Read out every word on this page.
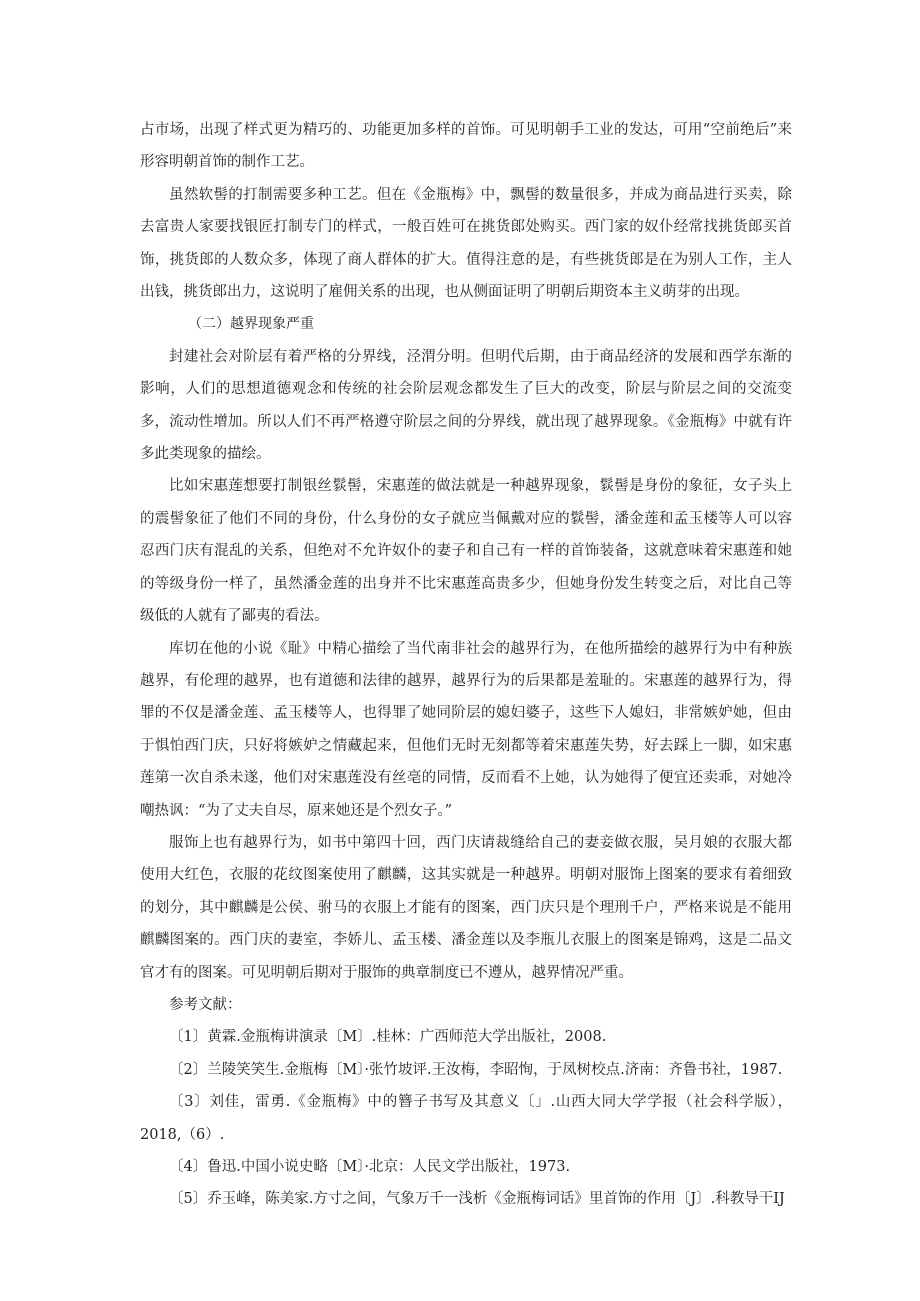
占市场，出现了样式更为精巧的、功能更加多样的首饰。可见明朝手工业的发达，可用“空前绝后”来形容明朝首饰的制作工艺。

虽然软髻的打制需要多种工艺。但在《金瓶梅》中，飘髻的数量很多，并成为商品进行买卖，除去富贵人家要找银匠打制专门的样式，一般百姓可在挑货郎处购买。西门家的奴仆经常找挑货郎买首饰，挑货郎的人数众多，体现了商人群体的扩大。值得注意的是，有些挑货郎是在为别人工作，主人出钱，挑货郎出力，这说明了雇佣关系的出现，也从侧面证明了明朝后期资本主义萌芽的出现。

（二）越界现象严重

封建社会对阶层有着严格的分界线，泾渭分明。但明代后期，由于商品经济的发展和西学东渐的影响，人们的思想道德观念和传统的社会阶层观念都发生了巨大的改变，阶层与阶层之间的交流变多，流动性增加。所以人们不再严格遵守阶层之间的分界线，就出现了越界现象。《金瓶梅》中就有许多此类现象的描绘。

比如宋惠莲想要打制银丝䯼髻，宋惠莲的做法就是一种越界现象，䯼髻是身份的象征，女子头上的震髻象征了他们不同的身份，什么身份的女子就应当佩戴对应的䯼髻，潘金莲和孟玉楼等人可以容忍西门庆有混乱的关系，但绝对不允许奴仆的妻子和自己有一样的首饰装备，这就意味着宋惠莲和她的等级身份一样了，虽然潘金莲的出身并不比宋惠莲高贵多少，但她身份发生转变之后，对比自己等级低的人就有了鄙夷的看法。

库切在他的小说《耻》中精心描绘了当代南非社会的越界行为，在他所描绘的越界行为中有种族越界，有伦理的越界，也有道德和法律的越界，越界行为的后果都是羞耻的。宋惠莲的越界行为，得罪的不仅是潘金莲、孟玉楼等人，也得罪了她同阶层的媳妇婆子，这些下人媳妇，非常嫉妒她，但由于惧怕西门庆，只好将嫉妒之情藏起来，但他们无时无刻都等着宋惠莲失势，好去踩上一脚，如宋惠莲第一次自杀未遂，他们对宋惠莲没有丝亳的同情，反而看不上她，认为她得了便宜还卖乖，对她冷嘲热讽：“为了丈夫自尽，原来她还是个烈女子。”

服饰上也有越界行为，如书中第四十回，西门庆请裁缝给自己的妻妾做衣服，吴月娘的衣服大都使用大红色，衣服的花纹图案使用了麒麟，这其实就是一种越界。明朝对服饰上图案的要求有着细致的划分，其中麒麟是公侯、驸马的衣服上才能有的图案，西门庆只是个理刑千户，严格来说是不能用麒麟图案的。西门庆的妻室，李娇儿、孟玉楼、潘金莲以及李瓶儿衣服上的图案是锦鸡，这是二品文官才有的图案。可见明朝后期对于服饰的典章制度已不遵从，越界情况严重。

参考文献：

〔1〕黄霖.金瓶梅讲演录〔M〕.桂林：广西师范大学出版社，2008.

〔2〕兰陵笑笑生.金瓶梅〔M〕·张竹坡评.王汝梅，李昭恂，于凤树校点.济南：齐鲁书社，1987.

〔3〕刘佳，雷勇.《金瓶梅》中的簪子书写及其意义〔」.山西大同大学学报（社会科学版），2018,（6）.

〔4〕鲁迅.中国小说史略〔M〕·北京：人民文学出版社，1973.

〔5〕乔玉峰，陈美家.方寸之间，气象万千一浅析《金瓶梅词话》里首饰的作用〔J〕.科教导干IJ
